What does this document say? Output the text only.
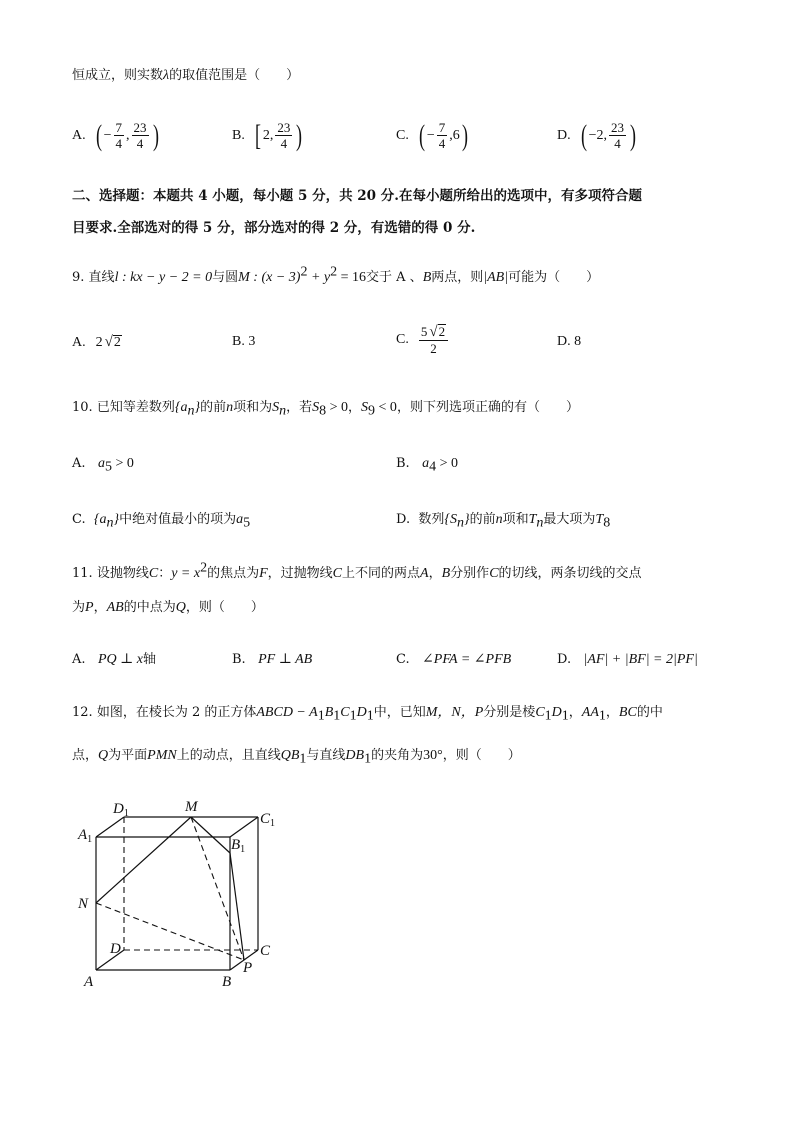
恒成立，则实数λ的取值范围是（　　）
A. ( − $\frac{7}{4}$ , $\frac{23}{4}$ )	B. [ 2, $\frac{23}{4}$ )	C. ( − $\frac{7}{4} ,6$ )	D. ( −2, $\frac{23}{4}$ )
二、选择题：本题共 4 小题，每小题 5 分，共 20 分.在每小题所给出的选项中，有多项符合题
目要求.全部选对的得 5 分，部分选对的得 2 分，有选错的得 0 分.
9. 直线l : kx − y − 2 = 0与圆M : $(x - 3)^2 + y^2 = 16$交于 A 、B两点，则|AB|可能为（　　）
A. 2 √ 2	B. 3	C. $\frac{5 √2}{2}$	D. 8
10. 已知等差数列$\{a_n\}$的前n项和为$S_n$，若$S_8 > 0$，$S_9 < 0$，则下列选项正确的有（　　）
A. $a_5 > 0$	B. $a_4 > 0$
C. $\{a_n\}$中绝对值最小的项为$a_5$	D. 数列$\{S_n\}$的前n项和$T_n$最大项为$T_8$
11. 设抛物线C：$y = x^2$的焦点为F，过抛物线C上不同的两点A，B分别作C的切线，两条切线的交点
为P，AB的中点为Q，则（　　）
A. PQ ⊥ x轴	B. PF ⊥ AB	C. ∠PFA = ∠PFB	D. |AF| + |BF| = 2|PF|
12. 如图，在棱长为 2 的正方体ABCD − $A_1B_1C_1D_1$中，已知M，N，P分别是棱$C_1D_1$，$AA_1$，BC的中
点，Q为平面PMN上的动点，且直线$QB_1$与直线$DB_1$的夹角为30°，则（　　）
$D_1$	M
$C_1$
$A_1$	$B_1$
N
D	C
P
A	B
